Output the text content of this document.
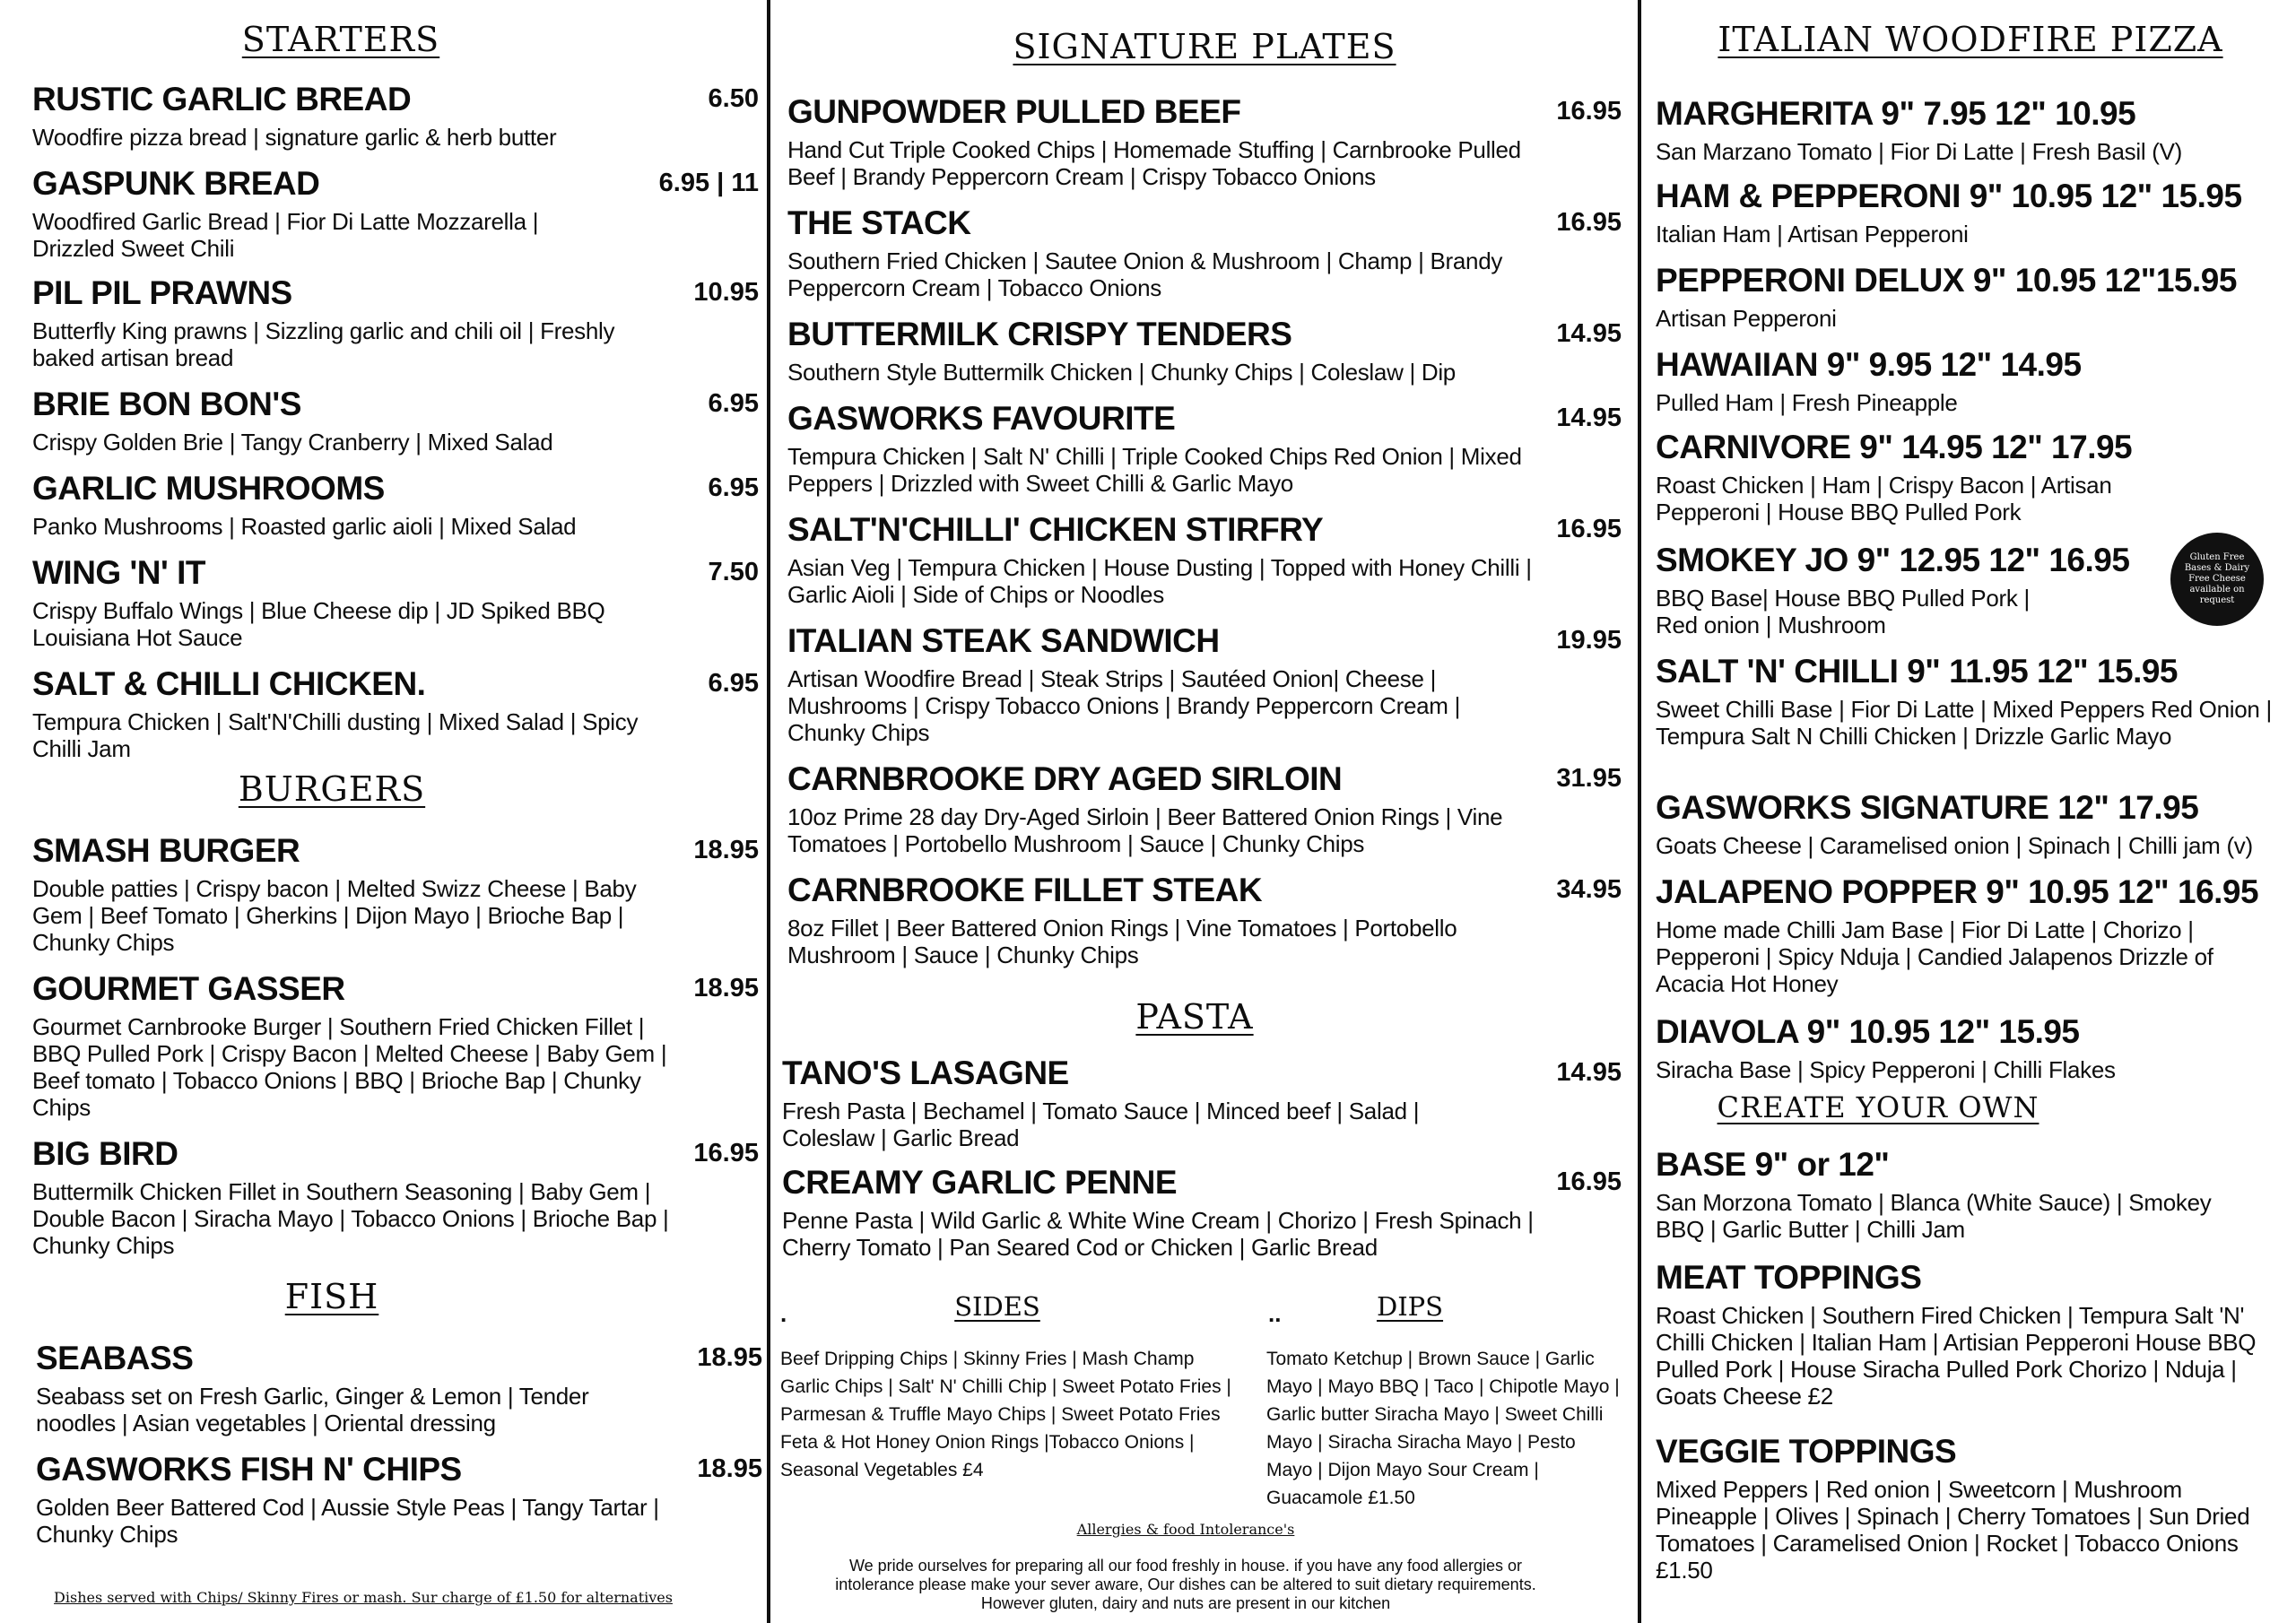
STARTERS
RUSTIC GARLIC BREAD	6.50
Woodfire pizza bread | signature garlic & herb butter
GASPUNK BREAD	6.95 | 11
Woodfired Garlic Bread | Fior Di Latte Mozzarella | Drizzled Sweet Chili
PIL PIL PRAWNS	10.95
Butterfly King prawns | Sizzling garlic and chili oil | Freshly baked artisan bread
BRIE BON BON'S	6.95
Crispy Golden Brie | Tangy Cranberry | Mixed Salad
GARLIC MUSHROOMS	6.95
Panko Mushrooms | Roasted garlic aioli | Mixed Salad
WING 'N' IT	7.50
Crispy Buffalo Wings | Blue Cheese dip | JD Spiked BBQ Louisiana Hot Sauce
SALT & CHILLI CHICKEN.	6.95
Tempura Chicken | Salt'N'Chilli dusting | Mixed Salad | Spicy Chilli Jam
BURGERS
SMASH BURGER	18.95
Double patties | Crispy bacon | Melted Swizz Cheese | Baby Gem | Beef Tomato | Gherkins | Dijon Mayo | Brioche Bap | Chunky Chips
GOURMET GASSER	18.95
Gourmet Carnbrooke Burger | Southern Fried Chicken Fillet | BBQ Pulled Pork | Crispy Bacon | Melted Cheese | Baby Gem | Beef tomato | Tobacco Onions | BBQ | Brioche Bap | Chunky Chips
BIG BIRD	16.95
Buttermilk Chicken Fillet in Southern Seasoning | Baby Gem | Double Bacon | Siracha Mayo | Tobacco Onions | Brioche Bap | Chunky Chips
FISH
SEABASS	18.95
Seabass set on Fresh Garlic, Ginger & Lemon | Tender noodles | Asian vegetables | Oriental dressing
GASWORKS FISH N' CHIPS	18.95
Golden Beer Battered Cod | Aussie Style Peas | Tangy Tartar | Chunky Chips
Dishes served with Chips/ Skinny Fires or mash. Sur charge of £1.50 for alternatives
SIGNATURE PLATES
GUNPOWDER PULLED BEEF	16.95
Hand Cut Triple Cooked Chips | Homemade Stuffing | Carnbrooke Pulled Beef | Brandy Peppercorn Cream | Crispy Tobacco Onions
THE STACK	16.95
Southern Fried Chicken | Sautee Onion & Mushroom | Champ | Brandy Peppercorn Cream | Tobacco Onions
BUTTERMILK CRISPY TENDERS	14.95
Southern Style Buttermilk Chicken | Chunky Chips | Coleslaw | Dip
GASWORKS FAVOURITE	14.95
Tempura Chicken | Salt N' Chilli | Triple Cooked Chips Red Onion | Mixed Peppers | Drizzled with Sweet Chilli & Garlic Mayo
SALT'N'CHILLI' CHICKEN STIRFRY	16.95
Asian Veg | Tempura Chicken | House Dusting | Topped with Honey Chilli | Garlic Aioli | Side of Chips or Noodles
ITALIAN STEAK SANDWICH	19.95
Artisan Woodfire Bread | Steak Strips | Sautéed Onion| Cheese | Mushrooms | Crispy Tobacco Onions | Brandy Peppercorn Cream | Chunky Chips
CARNBROOKE DRY AGED SIRLOIN	31.95
10oz Prime 28 day Dry-Aged Sirloin | Beer Battered Onion Rings | Vine Tomatoes | Portobello Mushroom | Sauce | Chunky Chips
CARNBROOKE FILLET STEAK	34.95
8oz Fillet | Beer Battered Onion Rings | Vine Tomatoes | Portobello Mushroom | Sauce | Chunky Chips
PASTA
TANO'S LASAGNE	14.95
Fresh Pasta | Bechamel | Tomato Sauce | Minced beef | Salad | Coleslaw | Garlic Bread
CREAMY GARLIC PENNE	16.95
Penne Pasta | Wild Garlic & White Wine Cream | Chorizo | Fresh Spinach | Cherry Tomato | Pan Seared Cod or Chicken | Garlic Bread
.	SIDES
Beef Dripping Chips | Skinny Fries | Mash Champ Garlic Chips | Salt' N' Chilli Chip | Sweet Potato Fries | Parmesan & Truffle Mayo Chips | Sweet Potato Fries Feta & Hot Honey Onion Rings |Tobacco Onions | Seasonal Vegetables £4
..	DIPS
Tomato Ketchup | Brown Sauce | Garlic Mayo | Mayo BBQ | Taco | Chipotle Mayo | Garlic butter Siracha Mayo | Sweet Chilli Mayo | Siracha Siracha Mayo | Pesto Mayo | Dijon Mayo Sour Cream | Guacamole £1.50
Allergies & food Intolerance's
We pride ourselves for preparing all our food freshly in house. if you have any food allergies or intolerance please make your sever aware, Our dishes can be altered to suit dietary requirements. However gluten, dairy and nuts are present in our kitchen
ITALIAN WOODFIRE PIZZA
MARGHERITA 9" 7.95 12" 10.95
San Marzano Tomato | Fior Di Latte | Fresh Basil (V)
HAM & PEPPERONI 9" 10.95 12" 15.95
Italian Ham | Artisan Pepperoni
PEPPERONI DELUX 9" 10.95 12"15.95
Artisan Pepperoni
HAWAIIAN 9" 9.95 12" 14.95
Pulled Ham | Fresh Pineapple
CARNIVORE 9" 14.95 12" 17.95
Roast Chicken | Ham | Crispy Bacon | Artisan Pepperoni | House BBQ Pulled Pork
SMOKEY JO 9" 12.95 12" 16.95
BBQ Base| House BBQ Pulled Pork | Red onion | Mushroom
SALT 'N' CHILLI 9" 11.95 12" 15.95
Sweet Chilli Base | Fior Di Latte | Mixed Peppers Red Onion | Tempura Salt N Chilli Chicken | Drizzle Garlic Mayo
GASWORKS SIGNATURE 12" 17.95
Goats Cheese | Caramelised onion | Spinach | Chilli jam (v)
JALAPENO POPPER 9" 10.95 12" 16.95
Home made Chilli Jam Base | Fior Di Latte | Chorizo | Pepperoni | Spicy Nduja | Candied Jalapenos Drizzle of Acacia Hot Honey
DIAVOLA 9" 10.95 12" 15.95
Siracha Base | Spicy Pepperoni | Chilli Flakes
CREATE YOUR OWN
BASE 9" or 12"
San Morzona Tomato | Blanca (White Sauce) | Smokey BBQ | Garlic Butter | Chilli Jam
MEAT TOPPINGS
Roast Chicken | Southern Fired Chicken | Tempura Salt 'N' Chilli Chicken | Italian Ham | Artisian Pepperoni House BBQ Pulled Pork | House Siracha Pulled Pork Chorizo | Nduja | Goats Cheese £2
VEGGIE TOPPINGS
Mixed Peppers | Red onion | Sweetcorn | Mushroom Pineapple | Olives | Spinach | Cherry Tomatoes | Sun Dried Tomatoes | Caramelised Onion | Rocket | Tobacco Onions £1.50
Gluten Free Bases & Dairy Free Cheese available on request
